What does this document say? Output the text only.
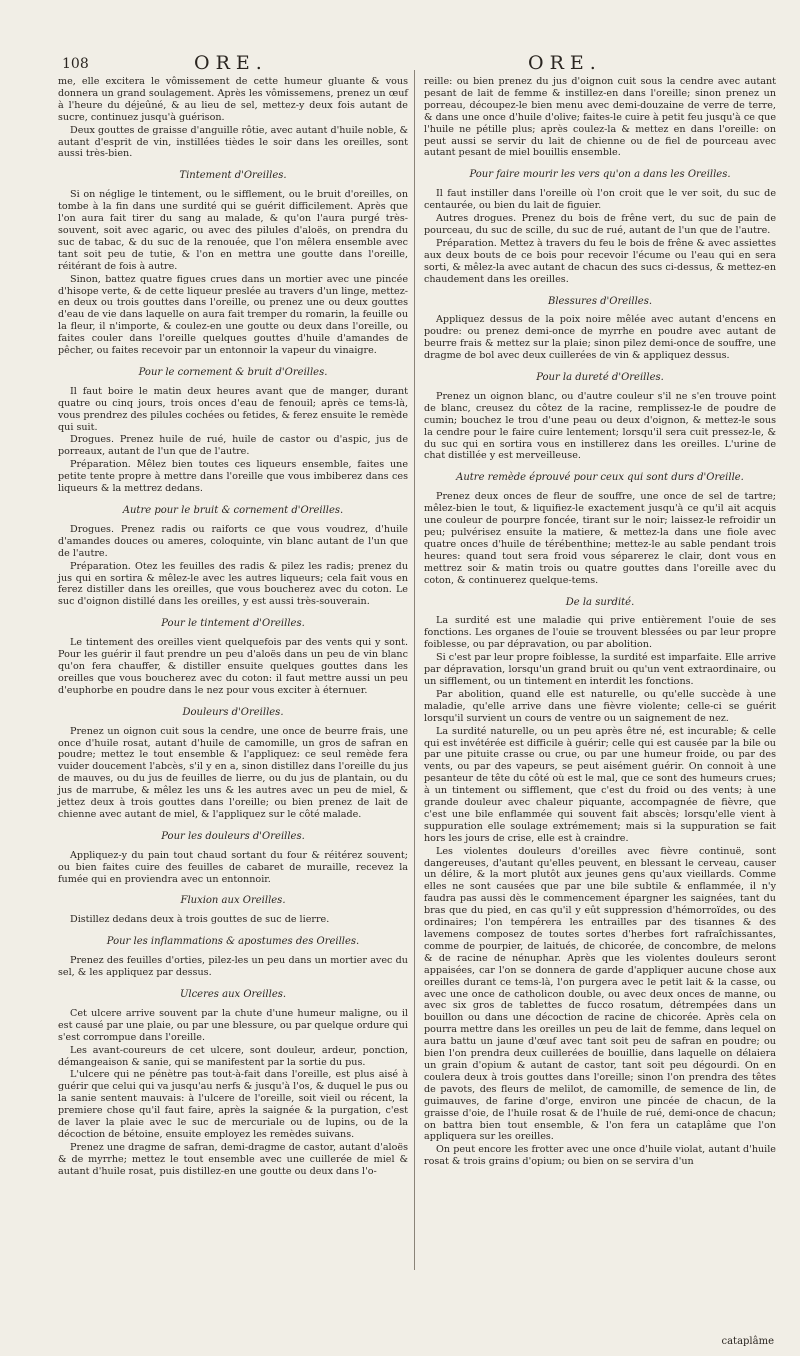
108	ORE.	ORE.

me, elle excitera le vômissement de cette humeur gluante & vous donnera un grand soulagement. Après les vômissemens, prenez un œuf à l'heure du déjeûné, & au lieu de sel, mettez-y deux fois autant de sucre, continuez jusqu'à guérison.

Deux gouttes de graisse d'anguille rôtie, avec autant d'huile noble, & autant d'esprit de vin, instillées tièdes le soir dans les oreilles, sont aussi très-bien.

Tintement d'Oreilles.

Si on néglige le tintement, ou le sifflement, ou le bruit d'oreilles, on tombe à la fin dans une surdité qui se guérit difficilement. Après que l'on aura fait tirer du sang au malade, & qu'on l'aura purgé très-souvent, soit avec agaric, ou avec des pilules d'aloës, on prendra du suc de tabac, & du suc de la renouée, que l'on mêlera ensemble avec tant soit peu de tutie, & l'on en mettra une goutte dans l'oreille, réitérant de fois à autre.

Sinon, battez quatre figues crues dans un mortier avec une pincée d'hisope verte, & de cette liqueur preslée au travers d'un linge, mettez-en deux ou trois gouttes dans l'oreille, ou prenez une ou deux gouttes d'eau de vie dans laquelle on aura fait tremper du romarin, la feuille ou la fleur, il n'importe, & coulez-en une goutte ou deux dans l'oreille, ou faites couler dans l'oreille quelques gouttes d'huile d'amandes de pêcher, ou faites recevoir par un entonnoir la vapeur du vinaigre.

Pour le cornement & bruit d'Oreilles.

Il faut boire le matin deux heures avant que de manger, durant quatre ou cinq jours, trois onces d'eau de fenouil; après ce tems-là, vous prendrez des pilules cochées ou fetides, & ferez ensuite le remède qui suit.

Drogues. Prenez huile de rué, huile de castor ou d'aspic, jus de porreaux, autant de l'un que de l'autre.

Préparation. Mêlez bien toutes ces liqueurs ensemble, faites une petite tente propre à mettre dans l'oreille que vous imbiberez dans ces liqueurs & la mettrez dedans.

Autre pour le bruit & cornement d'Oreilles.

Drogues. Prenez radis ou raiforts ce que vous voudrez, d'huile d'amandes douces ou ameres, coloquinte, vin blanc autant de l'un que de l'autre.

Préparation. Otez les feuilles des radis & pilez les radis; prenez du jus qui en sortira & mêlez-le avec les autres liqueurs; cela fait vous en ferez distiller dans les oreilles, que vous boucherez avec du coton. Le suc d'oignon distillé dans les oreilles, y est aussi très-souverain.

Pour le tintement d'Oreilles.

Le tintement des oreilles vient quelquefois par des vents qui y sont. Pour les guérir il faut prendre un peu d'aloës dans un peu de vin blanc qu'on fera chauffer, & distiller ensuite quelques gouttes dans les oreilles que vous boucherez avec du coton: il faut mettre aussi un peu d'euphorbe en poudre dans le nez pour vous exciter à éternuer.

Douleurs d'Oreilles.

Prenez un oignon cuit sous la cendre, une once de beurre frais, une once d'huile rosat, autant d'huile de camomille, un gros de safran en poudre; mettez le tout ensemble & l'appliquez: ce seul remède fera vuider doucement l'abcès, s'il y en a, sinon distillez dans l'oreille du jus de mauves, ou du jus de feuilles de lierre, ou du jus de plantain, ou du jus de marrube, & mêlez les uns & les autres avec un peu de miel, & jettez deux à trois gouttes dans l'oreille; ou bien prenez de lait de chienne avec autant de miel, & l'appliquez sur le côté malade.

Pour les douleurs d'Oreilles.

Appliquez-y du pain tout chaud sortant du four & réitérez souvent; ou bien faites cuire des feuilles de cabaret de muraille, recevez la fumée qui en proviendra avec un entonnoir.

Fluxion aux Oreilles.

Distillez dedans deux à trois gouttes de suc de lierre.

Pour les inflammations & apostumes des Oreilles.

Prenez des feuilles d'orties, pilez-les un peu dans un mortier avec du sel, & les appliquez par dessus.

Ulceres aux Oreilles.

Cet ulcere arrive souvent par la chute d'une humeur maligne, ou il est causé par une plaie, ou par une blessure, ou par quelque ordure qui s'est corrompue dans l'oreille.

Les avant-coureurs de cet ulcere, sont douleur, ardeur, ponction, démangeaison & sanie, qui se manifestent par la sortie du pus.

L'ulcere qui ne pénètre pas tout-à-fait dans l'oreille, est plus aisé à guérir que celui qui va jusqu'au nerfs & jusqu'à l'os, & duquel le pus ou la sanie sentent mauvais: à l'ulcere de l'oreille, soit vieil ou récent, la premiere chose qu'il faut faire, après la saignée & la purgation, c'est de laver la plaie avec le suc de mercuriale ou de lupins, ou de la décoction de bétoine, ensuite employez les remèdes suivans.

Prenez une dragme de safran, demi-dragme de castor, autant d'aloës & de myrrhe; mettez le tout ensemble avec une cuillerée de miel & autant d'huile rosat, puis distillez-en une goutte ou deux dans l'o-

reille: ou bien prenez du jus d'oignon cuit sous la cendre avec autant pesant de lait de femme & instillez-en dans l'oreille; sinon prenez un porreau, découpez-le bien menu avec demi-douzaine de verre de terre, & dans une once d'huile d'olive; faites-le cuire à petit feu jusqu'à ce que l'huile ne pétille plus; après coulez-la & mettez en dans l'oreille: on peut aussi se servir du lait de chienne ou de fiel de pourceau avec autant pesant de miel bouillis ensemble.

Pour faire mourir les vers qu'on a dans les Oreilles.

Il faut instiller dans l'oreille où l'on croit que le ver soit, du suc de centaurée, ou bien du lait de figuier.

Autres drogues. Prenez du bois de frêne vert, du suc de pain de pourceau, du suc de scille, du suc de rué, autant de l'un que de l'autre.

Préparation. Mettez à travers du feu le bois de frêne & avec assiettes aux deux bouts de ce bois pour recevoir l'écume ou l'eau qui en sera sorti, & mêlez-la avec autant de chacun des sucs ci-dessus, & mettez-en chaudement dans les oreilles.

Blessures d'Oreilles.

Appliquez dessus de la poix noire mêlée avec autant d'encens en poudre: ou prenez demi-once de myrrhe en poudre avec autant de beurre frais & mettez sur la plaie; sinon pilez demi-once de souffre, une dragme de bol avec deux cuillerées de vin & appliquez dessus.

Pour la dureté d'Oreilles.

Prenez un oignon blanc, ou d'autre couleur s'il ne s'en trouve point de blanc, creusez du côtez de la racine, remplissez-le de poudre de cumin; bouchez le trou d'une peau ou deux d'oignon, & mettez-le sous la cendre pour le faire cuire lentement; lorsqu'il sera cuit pressez-le, & du suc qui en sortira vous en instillerez dans les oreilles. L'urine de chat distillée y est merveilleuse.

Autre remède éprouvé pour ceux qui sont durs d'Oreille.

Prenez deux onces de fleur de souffre, une once de sel de tartre; mêlez-bien le tout, & liquifiez-le exactement jusqu'à ce qu'il ait acquis une couleur de pourpre foncée, tirant sur le noir; laissez-le refroidir un peu; pulvérisez ensuite la matiere, & mettez-la dans une fiole avec quatre onces d'huile de térébenthine; mettez-le au sable pendant trois heures: quand tout sera froid vous séparerez le clair, dont vous en mettrez soir & matin trois ou quatre gouttes dans l'oreille avec du coton, & continuerez quelque-tems.

De la surdité.

La surdité est une maladie qui prive entièrement l'ouie de ses fonctions. Les organes de l'ouie se trouvent blessées ou par leur propre foiblesse, ou par dépravation, ou par abolition.

Si c'est par leur propre foiblesse, la surdité est imparfaite. Elle arrive par dépravation, lorsqu'un grand bruit ou qu'un vent extraordinaire, ou un sifflement, ou un tintement en interdit les fonctions.

Par abolition, quand elle est naturelle, ou qu'elle succède à une maladie, qu'elle arrive dans une fièvre violente; celle-ci se guérit lorsqu'il survient un cours de ventre ou un saignement de nez.

La surdité naturelle, ou un peu après être né, est incurable; & celle qui est invétérée est difficile à guérir; celle qui est causée par la bile ou par une pituite crasse ou crue, ou par une humeur froide, ou par des vents, ou par des vapeurs, se peut aisément guérir. On connoit à une pesanteur de tête du côté où est le mal, que ce sont des humeurs crues; à un tintement ou sifflement, que c'est du froid ou des vents; à une grande douleur avec chaleur piquante, accompagnée de fièvre, que c'est une bile enflammée qui souvent fait abscès; lorsqu'elle vient à suppuration elle soulage extrémement; mais si la suppuration se fait hors les jours de crise, elle est à craindre.

Les violentes douleurs d'oreilles avec fièvre continuë, sont dangereuses, d'autant qu'elles peuvent, en blessant le cerveau, causer un délire, & la mort plutôt aux jeunes gens qu'aux vieillards. Comme elles ne sont causées que par une bile subtile & enflammée, il n'y faudra pas aussi dès le commencement épargner les saignées, tant du bras que du pied, en cas qu'il y eût suppression d'hémorroïdes, ou des ordinaires; l'on tempérera les entrailles par des tisannes & des lavemens composez de toutes sortes d'herbes fort rafraîchissantes, comme de pourpier, de laitués, de chicorée, de concombre, de melons & de racine de nénuphar. Après que les violentes douleurs seront appaisées, car l'on se donnera de garde d'appliquer aucune chose aux oreilles durant ce tems-là, l'on purgera avec le petit lait & la casse, ou avec une once de catholicon double, ou avec deux onces de manne, ou avec six gros de tablettes de fucco rosatum, détrempées dans un bouillon ou dans une décoction de racine de chicorée. Après cela on pourra mettre dans les oreilles un peu de lait de femme, dans lequel on aura battu un jaune d'œuf avec tant soit peu de safran en poudre; ou bien l'on prendra deux cuillerées de bouillie, dans laquelle on délaiera un grain d'opium & autant de castor, tant soit peu dégourdi. On en coulera deux à trois gouttes dans l'oreille; sinon l'on prendra des têtes de pavots, des fleurs de melilot, de camomille, de semence de lin, de guimauves, de farine d'orge, environ une pincée de chacun, de la graisse d'oie, de l'huile rosat & de l'huile de rué, demi-once de chacun; on battra bien tout ensemble, & l'on fera un cataplâme que l'on appliquera sur les oreilles.

On peut encore les frotter avec une once d'huile violat, autant d'huile rosat & trois grains d'opium; ou bien on se servira d'un

cataplâme
